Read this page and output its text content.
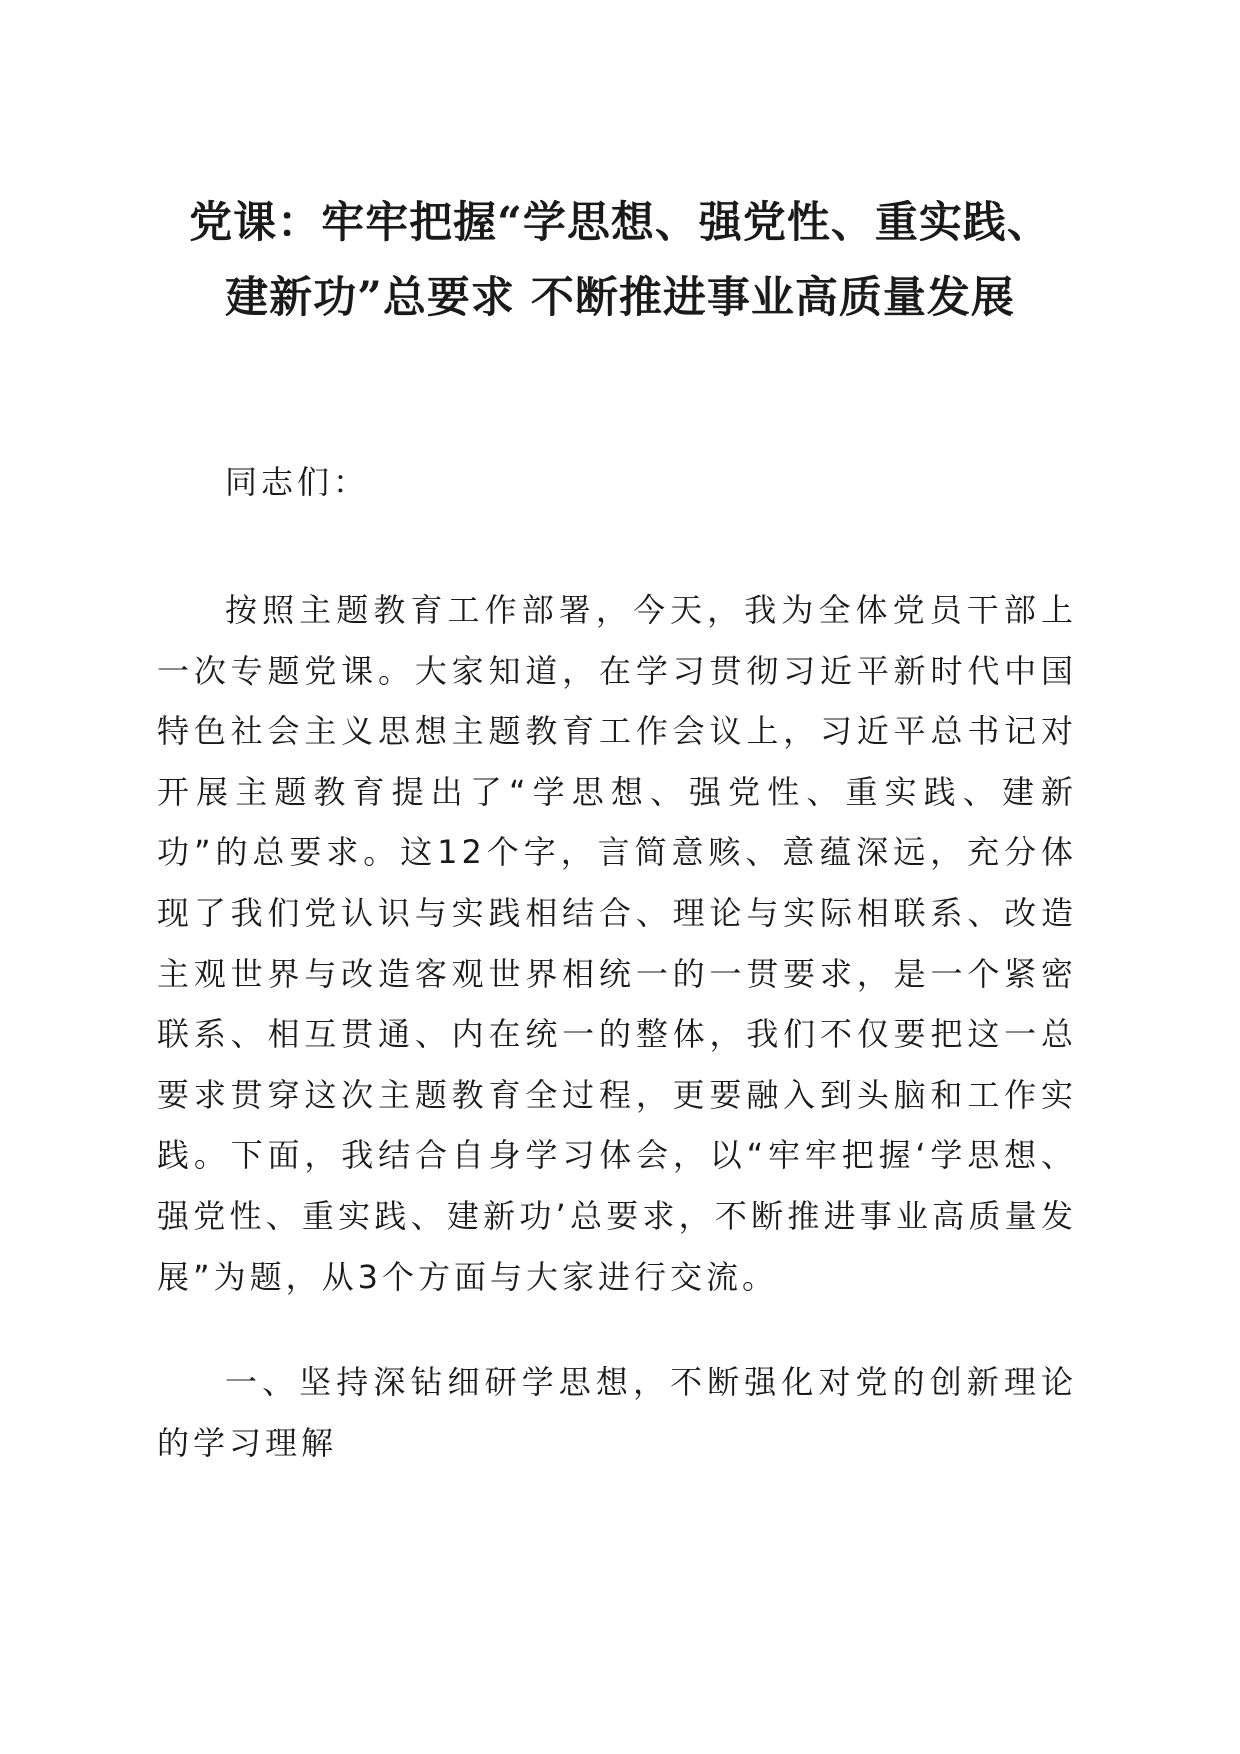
党课：牢牢把握“学思想、强党性、重实践、
建新功”总要求 不断推进事业高质量发展

同志们：

按照主题教育工作部署，今天，我为全体党员干部上一次专题党课。大家知道，在学习贯彻习近平新时代中国特色社会主义思想主题教育工作会议上，习近平总书记对开展主题教育提出了“学思想、强党性、重实践、建新功”的总要求。这12个字，言简意赅、意蕴深远，充分体现了我们党认识与实践相结合、理论与实际相联系、改造主观世界与改造客观世界相统一的一贯要求，是一个紧密联系、相互贯通、内在统一的整体，我们不仅要把这一总要求贯穿这次主题教育全过程，更要融入到头脑和工作实践。下面，我结合自身学习体会，以“牢牢把握‘学思想、强党性、重实践、建新功’总要求，不断推进事业高质量发展”为题，从3个方面与大家进行交流。

一、坚持深钻细研学思想，不断强化对党的创新理论的学习理解
